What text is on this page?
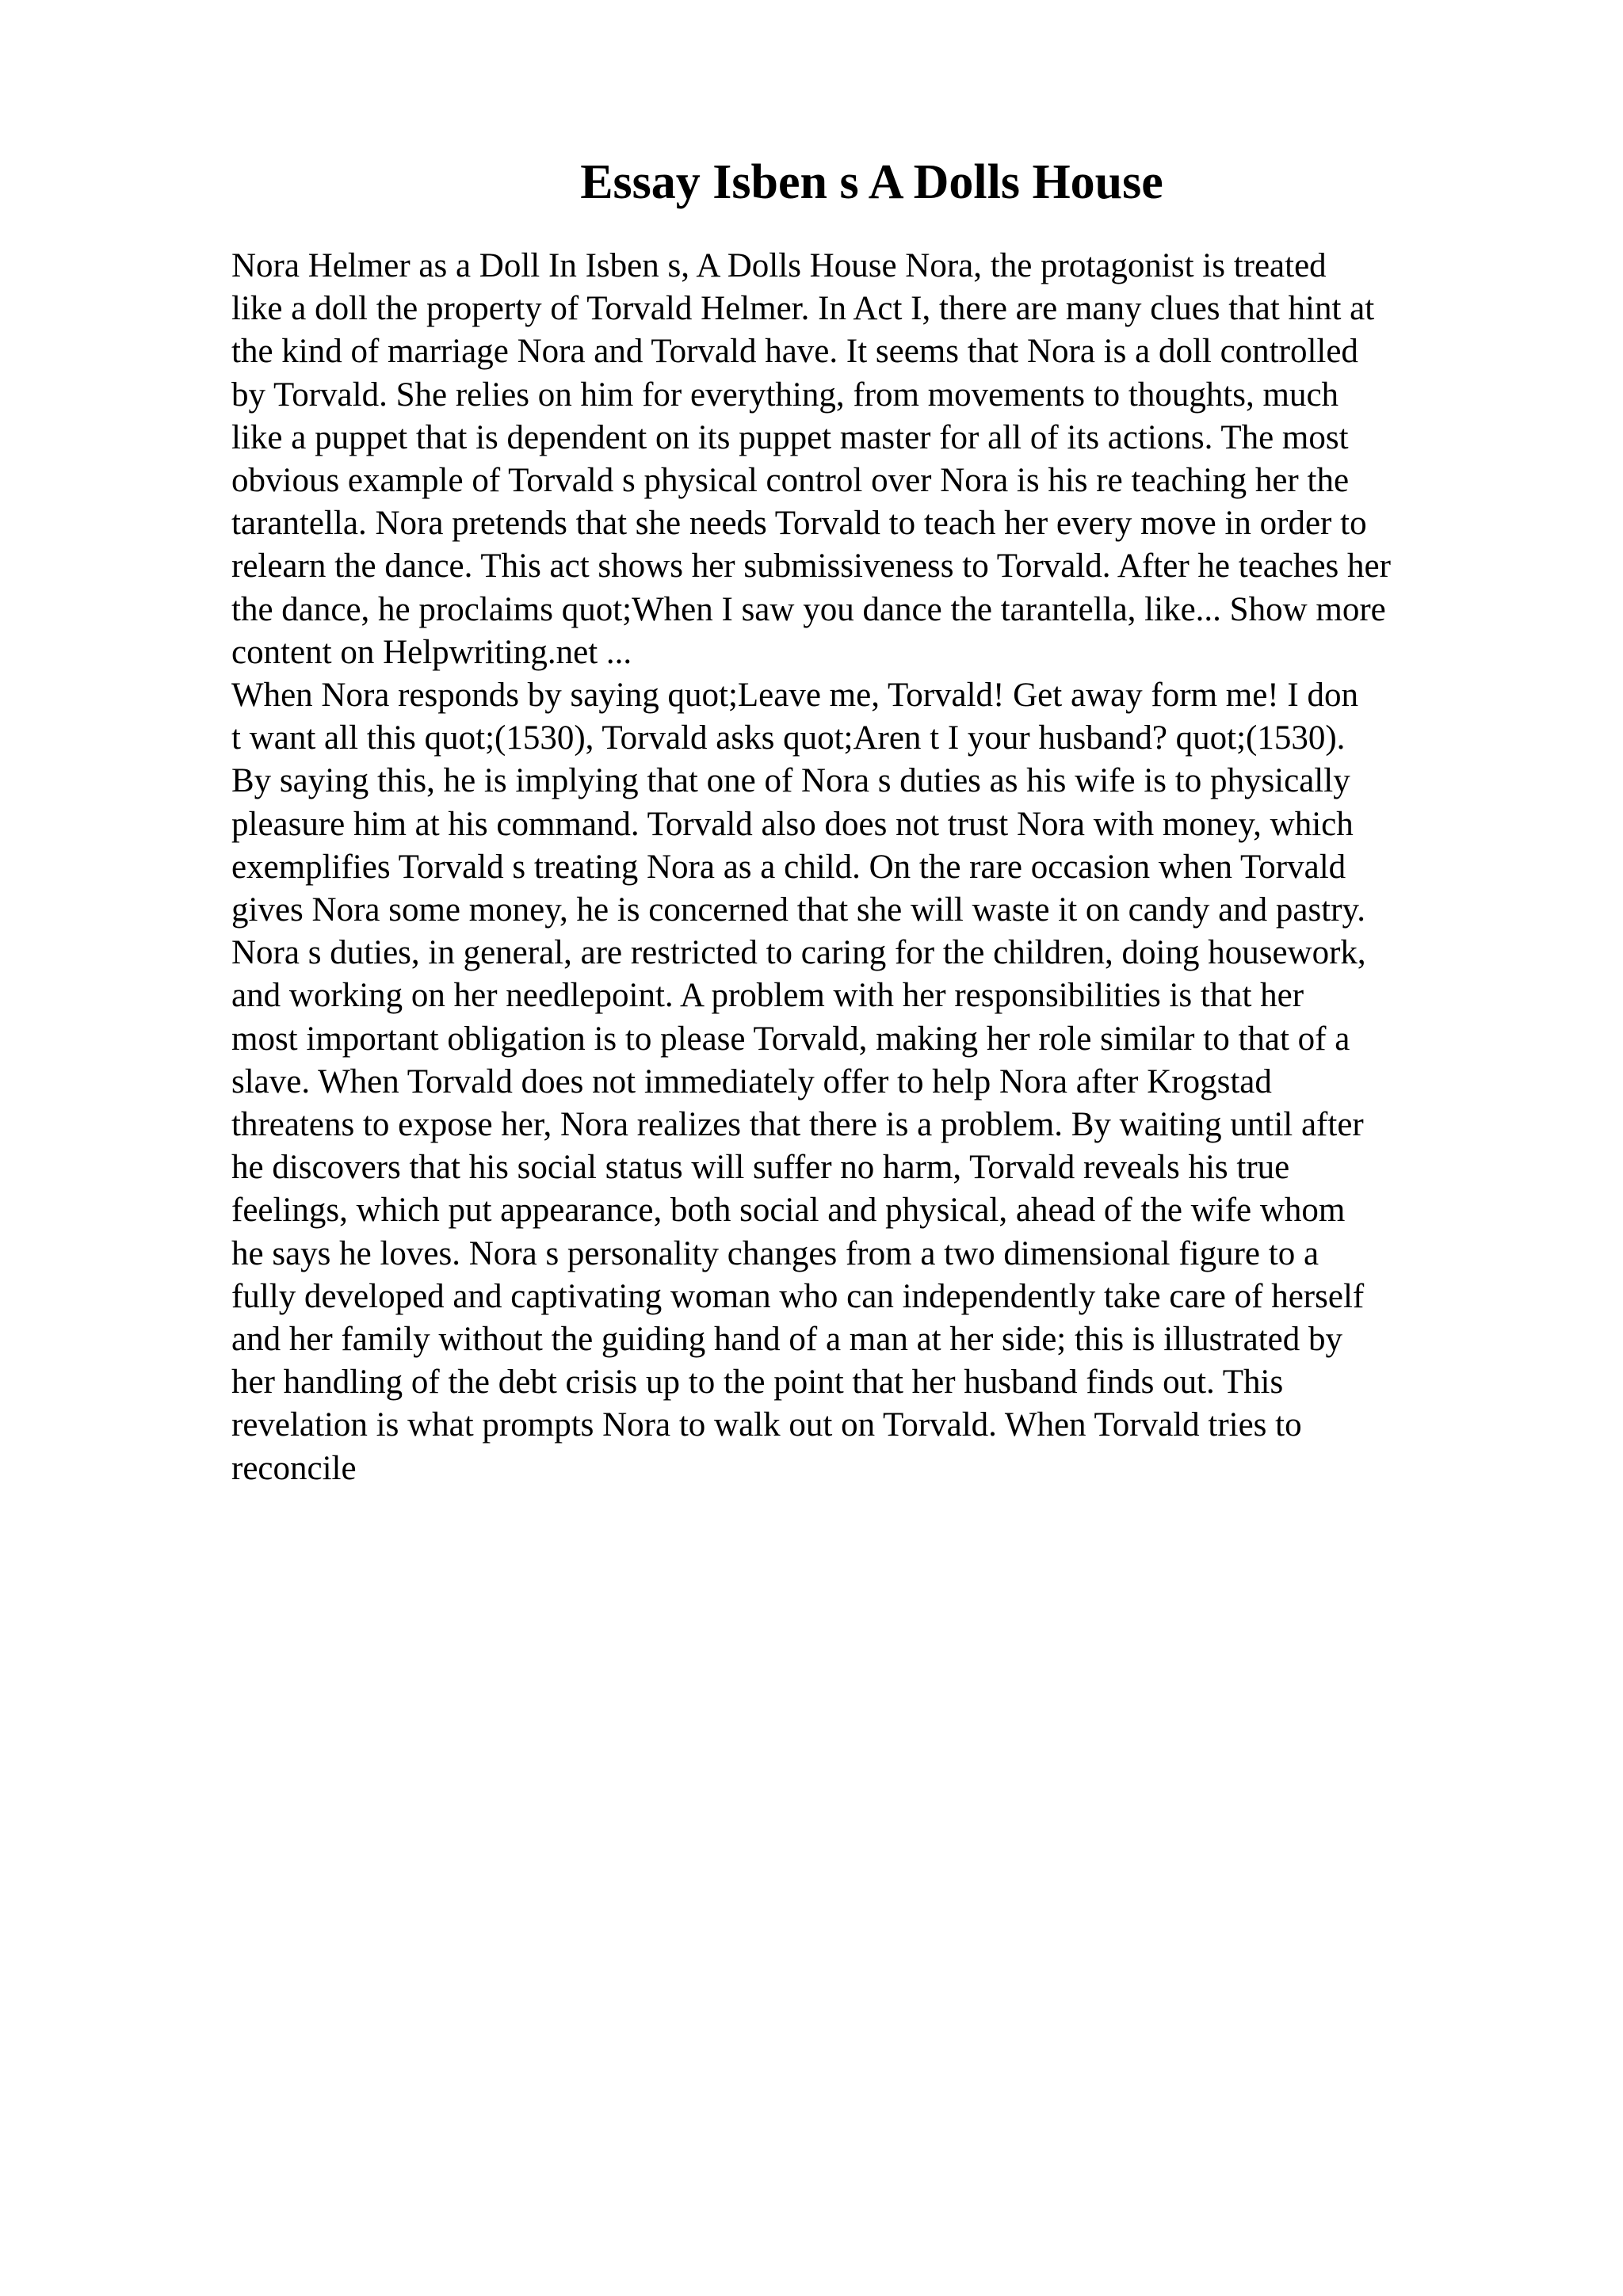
Essay Isben s A Dolls House
Nora Helmer as a Doll In Isben s, A Dolls House Nora, the protagonist is treated
like a doll the property of Torvald Helmer. In Act I, there are many clues that hint at
the kind of marriage Nora and Torvald have. It seems that Nora is a doll controlled
by Torvald. She relies on him for everything, from movements to thoughts, much
like a puppet that is dependent on its puppet master for all of its actions. The most
obvious example of Torvald s physical control over Nora is his re teaching her the
tarantella. Nora pretends that she needs Torvald to teach her every move in order to
relearn the dance. This act shows her submissiveness to Torvald. After he teaches her
the dance, he proclaims quot;When I saw you dance the tarantella, like... Show more
content on Helpwriting.net ...
When Nora responds by saying quot;Leave me, Torvald! Get away form me! I don
t want all this quot;(1530), Torvald asks quot;Aren t I your husband? quot;(1530).
By saying this, he is implying that one of Nora s duties as his wife is to physically
pleasure him at his command. Torvald also does not trust Nora with money, which
exemplifies Torvald s treating Nora as a child. On the rare occasion when Torvald
gives Nora some money, he is concerned that she will waste it on candy and pastry.
Nora s duties, in general, are restricted to caring for the children, doing housework,
and working on her needlepoint. A problem with her responsibilities is that her
most important obligation is to please Torvald, making her role similar to that of a
slave. When Torvald does not immediately offer to help Nora after Krogstad
threatens to expose her, Nora realizes that there is a problem. By waiting until after
he discovers that his social status will suffer no harm, Torvald reveals his true
feelings, which put appearance, both social and physical, ahead of the wife whom
he says he loves. Nora s personality changes from a two dimensional figure to a
fully developed and captivating woman who can independently take care of herself
and her family without the guiding hand of a man at her side; this is illustrated by
her handling of the debt crisis up to the point that her husband finds out. This
revelation is what prompts Nora to walk out on Torvald. When Torvald tries to
reconcile
